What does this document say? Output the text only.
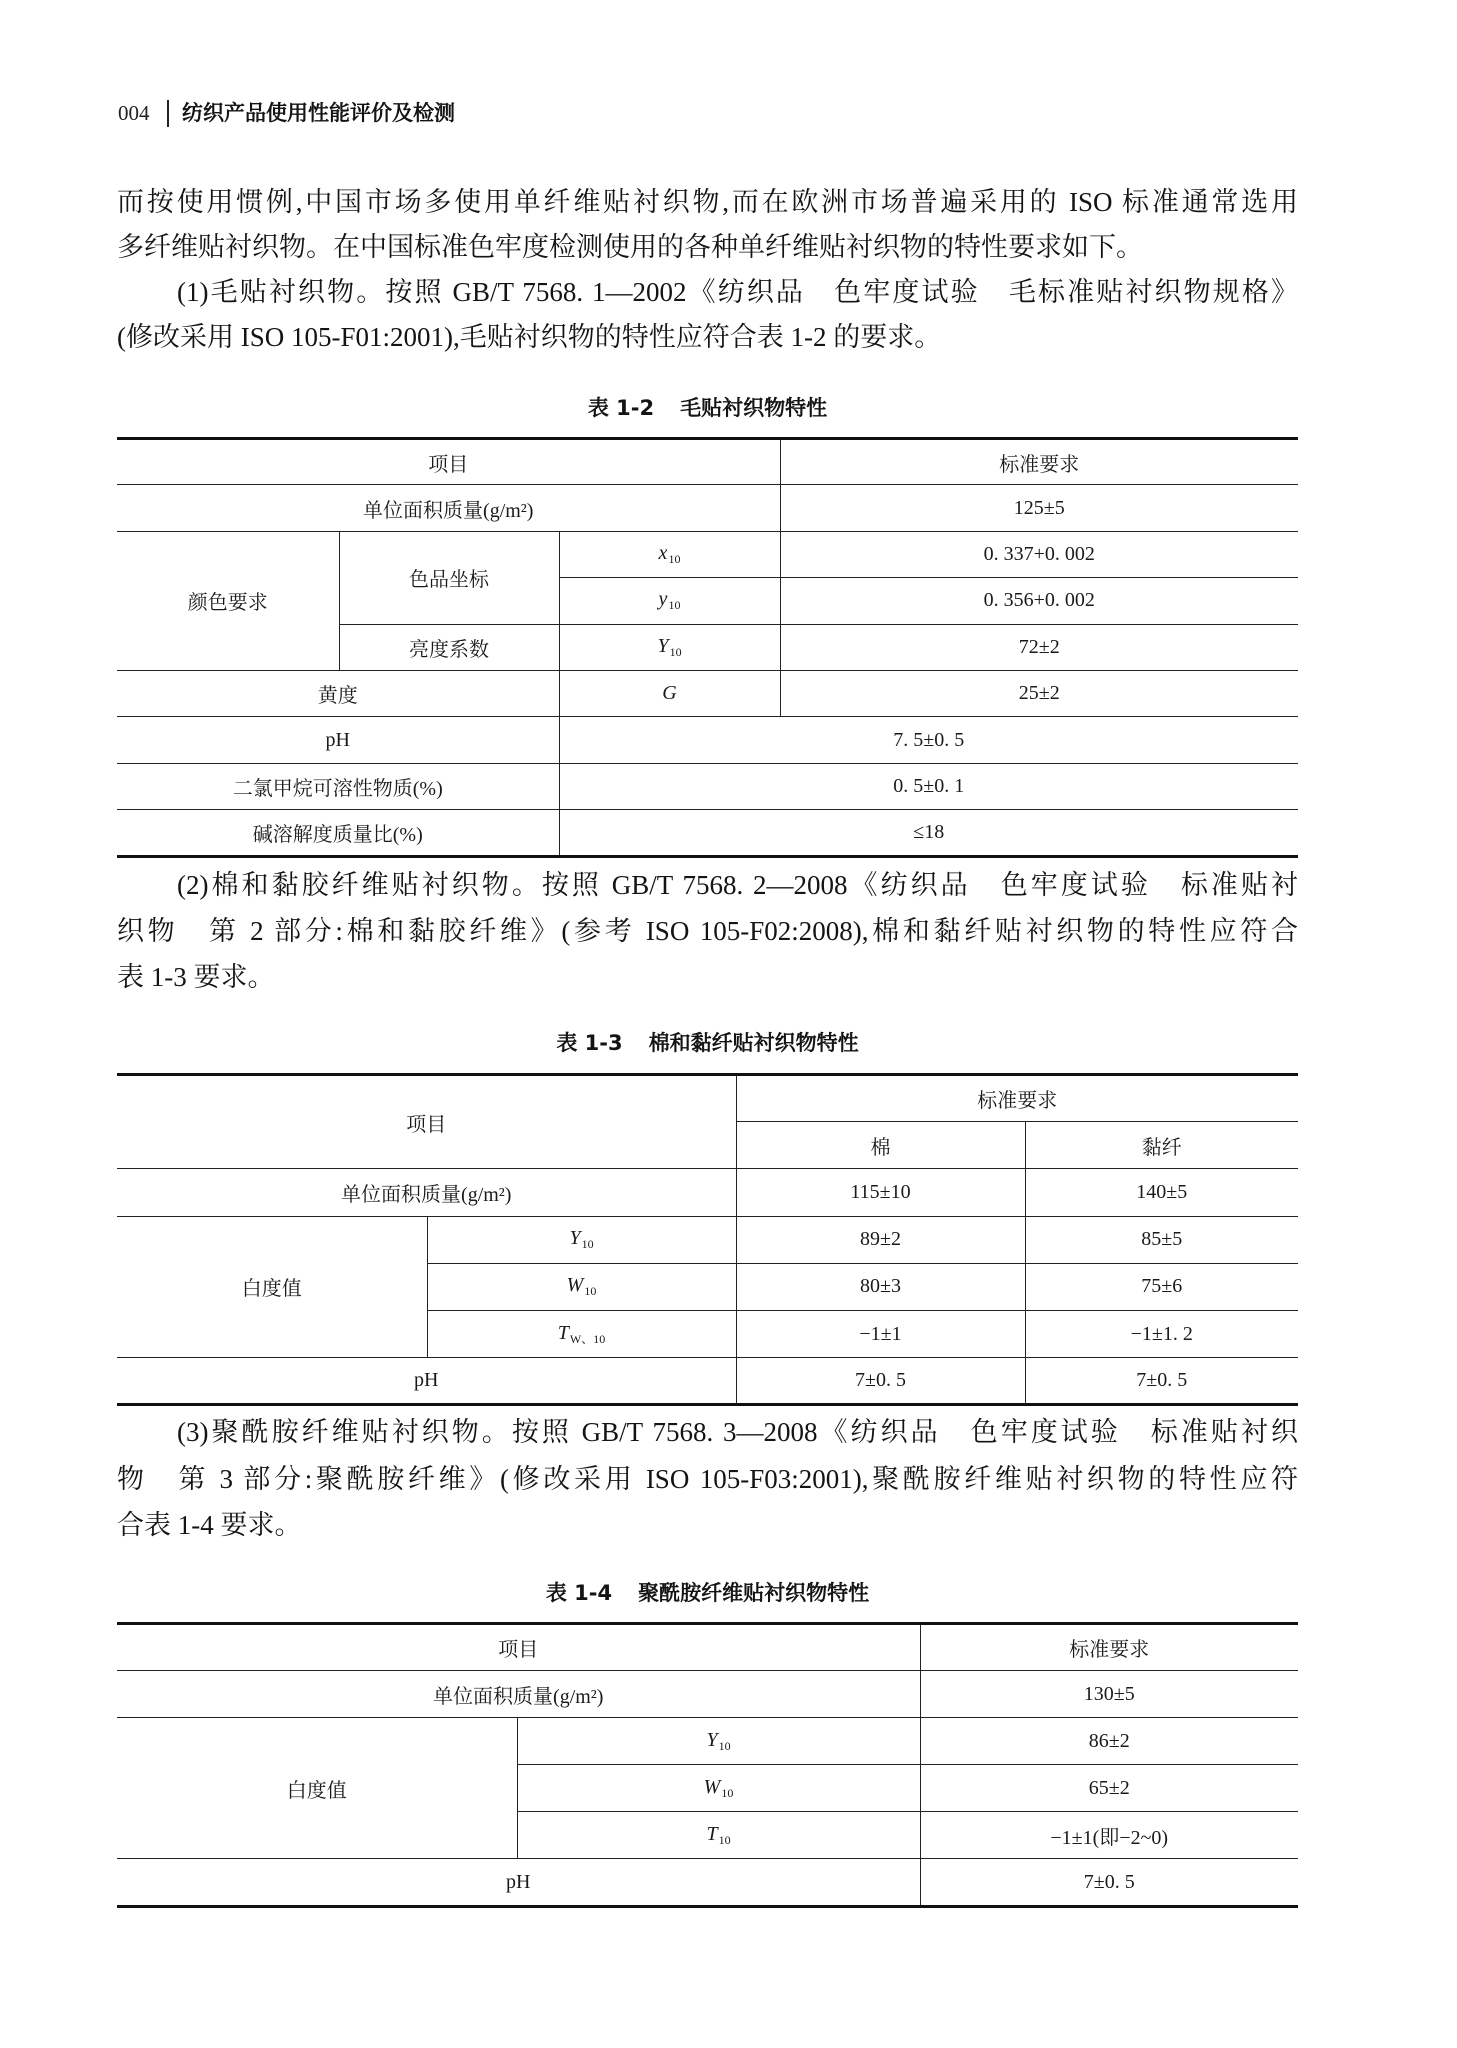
004 纺织产品使用性能评价及检测
而按使用惯例,中国市场多使用单纤维贴衬织物,而在欧洲市场普遍采用的 ISO 标准通常选用
多纤维贴衬织物。在中国标准色牢度检测使用的各种单纤维贴衬织物的特性要求如下。
(1)毛贴衬织物。按照 GB/T 7568. 1—2002《纺织品　色牢度试验　毛标准贴衬织物规格》
(修改采用 ISO 105-F01:2001),毛贴衬织物的特性应符合表 1-2 的要求。
表 1-2 毛贴衬织物特性
项目			标准要求
单位面积质量(g/m²)			125±5
颜色要求	色品坐标	$x_{10}$	0. 337+0. 002
		$y_{10}$	0. 356+0. 002
	亮度系数	$Y_{10}$	72±2
黄度		G	25±2
pH		7. 5±0. 5	
二氯甲烷可溶性物质(%)		0. 5±0. 1	
碱溶解度质量比(%)		≤18	
(2)棉和黏胶纤维贴衬织物。按照 GB/T 7568. 2—2008《纺织品　色牢度试验　标准贴衬
织物　第 2 部分:棉和黏胶纤维》(参考 ISO 105-F02:2008),棉和黏纤贴衬织物的特性应符合
表 1-3 要求。
表 1-3 棉和黏纤贴衬织物特性
项目		标准要求	
		棉	黏纤
单位面积质量(g/m²)		115±10	140±5
白度值	$Y_{10}$	89±2	85±5
	$W_{10}$	80±3	75±6
	$T_{W、10}$	−1±1	−1±1. 2
pH		7±0. 5	7±0. 5
(3)聚酰胺纤维贴衬织物。按照 GB/T 7568. 3—2008《纺织品　色牢度试验　标准贴衬织
物　第 3 部分:聚酰胺纤维》(修改采用 ISO 105-F03:2001),聚酰胺纤维贴衬织物的特性应符
合表 1-4 要求。
表 1-4 聚酰胺纤维贴衬织物特性
项目		标准要求
单位面积质量(g/m²)		130±5
白度值	$Y_{10}$	86±2
	$W_{10}$	65±2
	$T_{10}$	−1±1(即−2~0)
pH		7±0. 5
